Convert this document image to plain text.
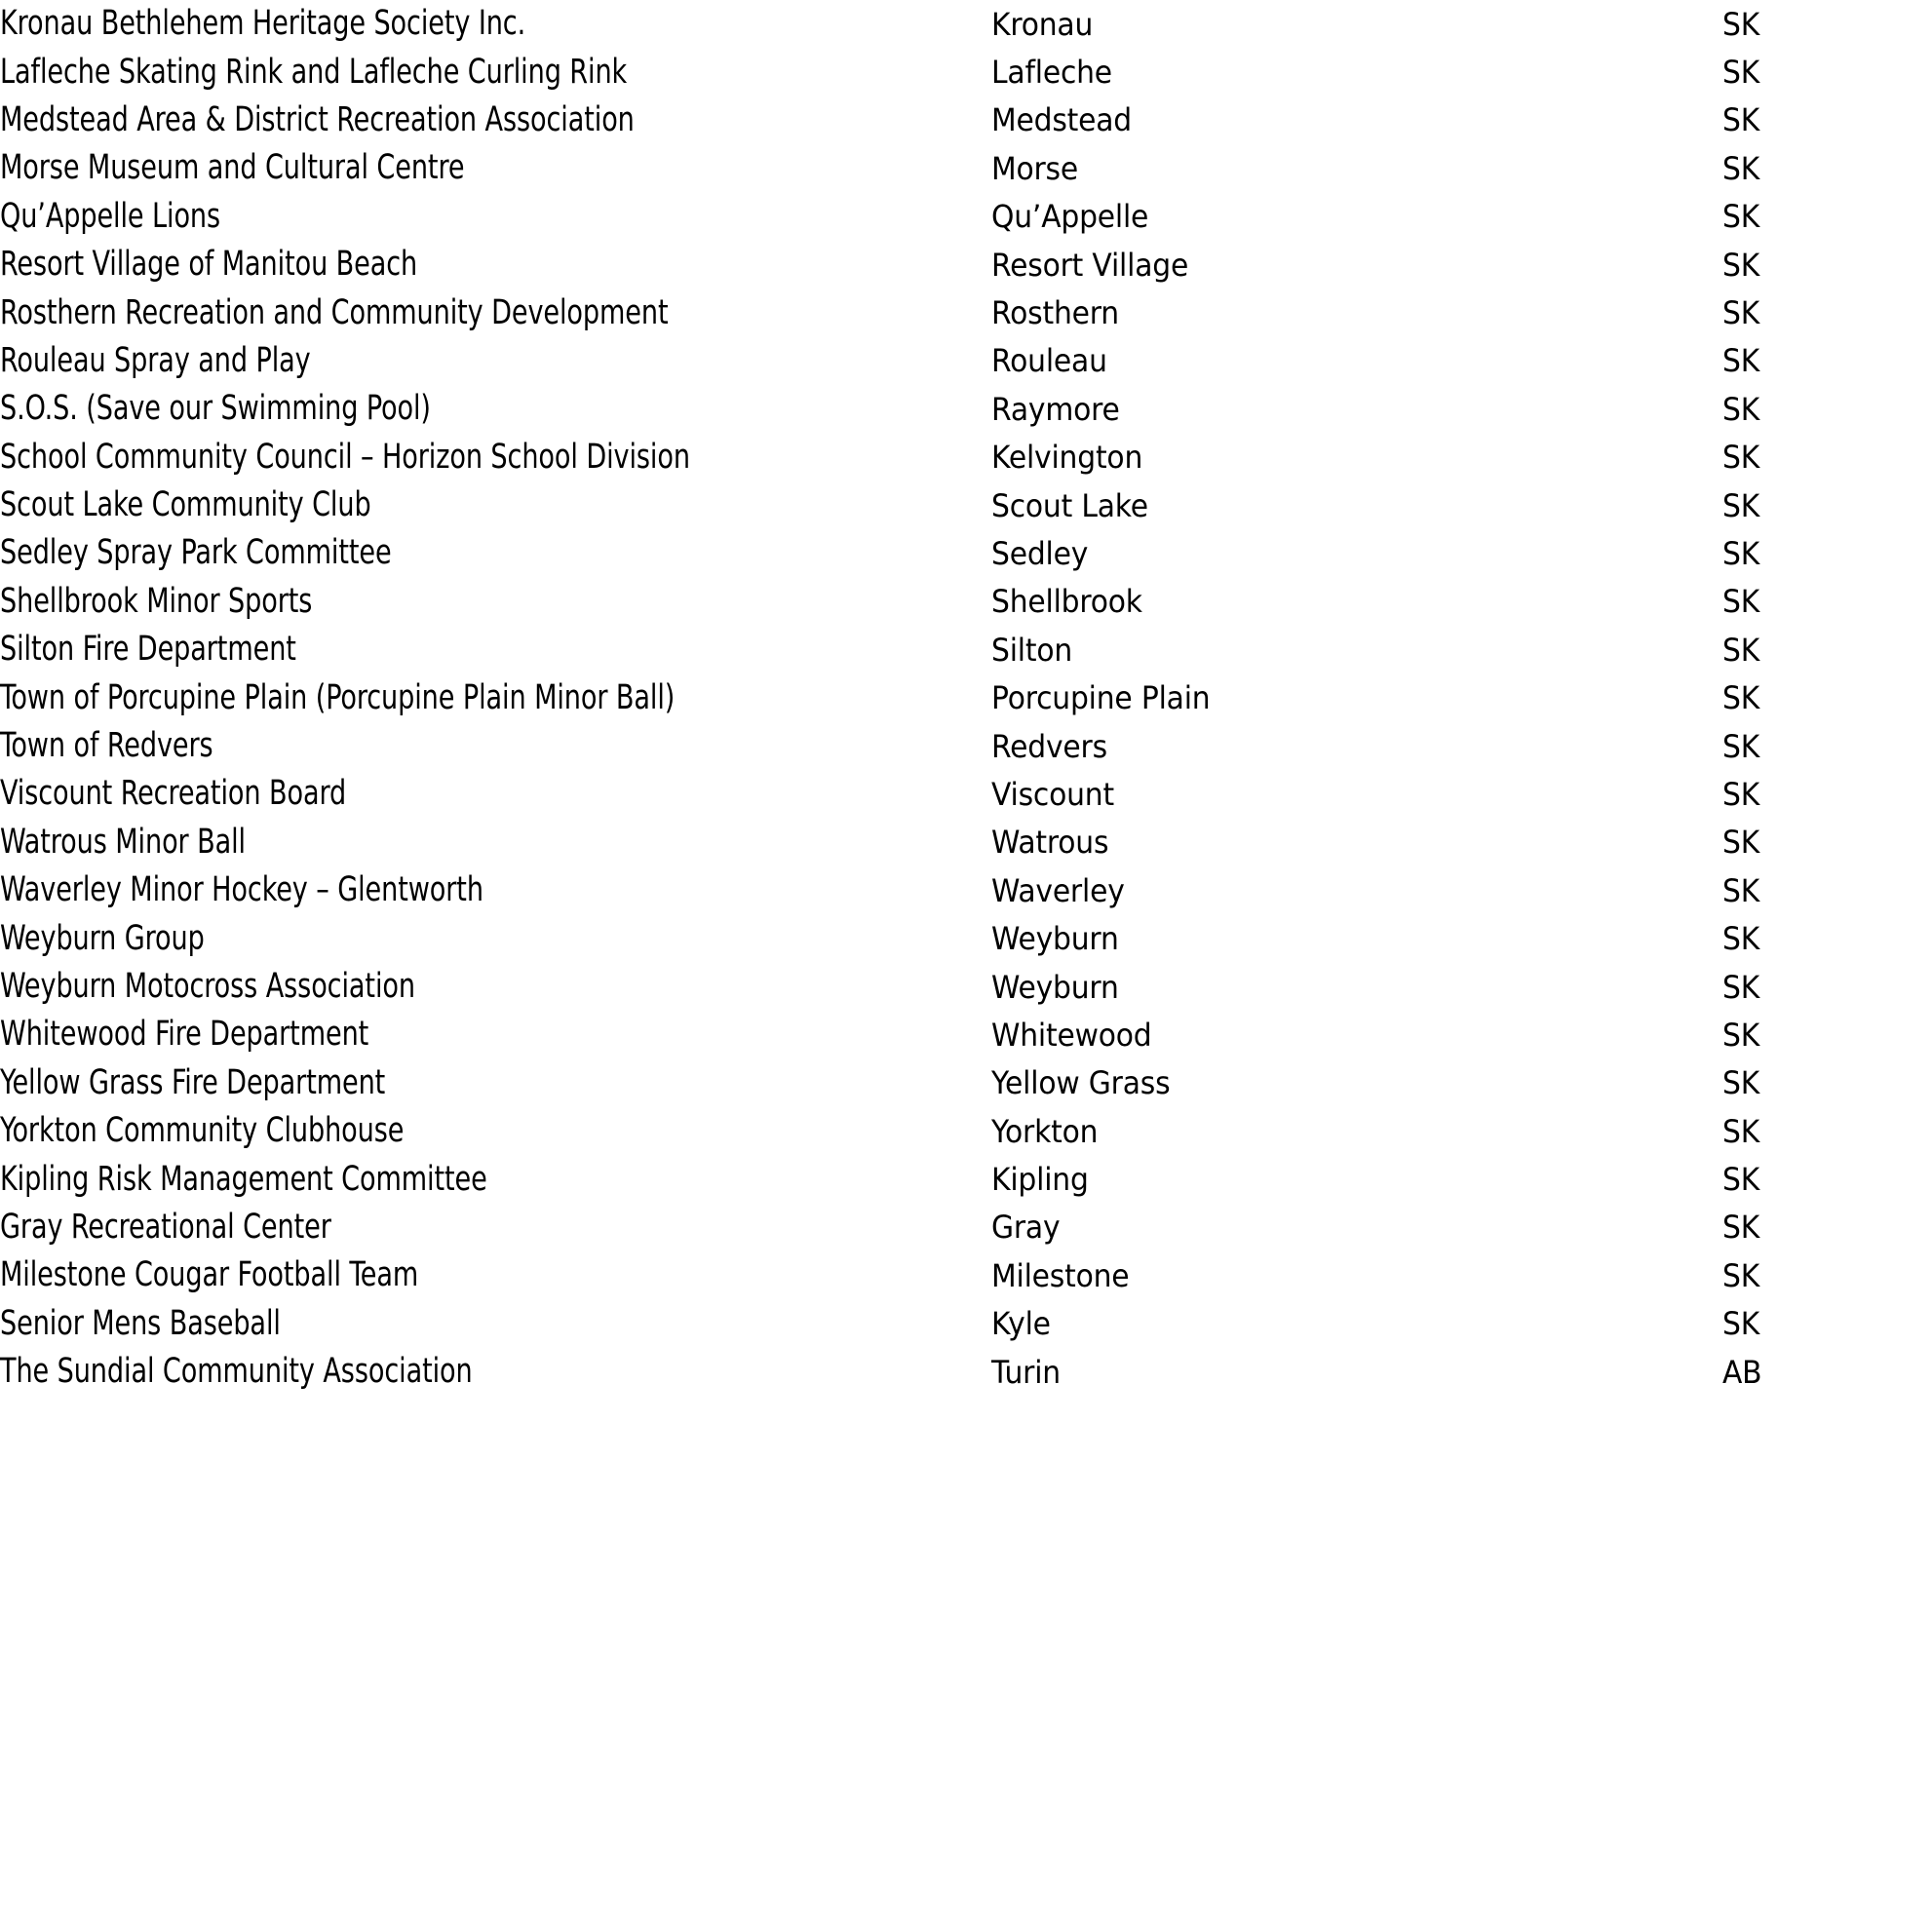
Kronau Bethlehem Heritage Society Inc.	Kronau	SK
Lafleche Skating Rink and Lafleche Curling Rink	Lafleche	SK
Medstead Area & District Recreation Association	Medstead	SK
Morse Museum and Cultural Centre	Morse	SK
Qu’Appelle Lions	Qu’Appelle	SK
Resort Village of Manitou Beach	Resort Village	SK
Rosthern Recreation and Community Development	Rosthern	SK
Rouleau Spray and Play	Rouleau	SK
S.O.S. (Save our Swimming Pool)	Raymore	SK
School Community Council – Horizon School Division	Kelvington	SK
Scout Lake Community Club	Scout Lake	SK
Sedley Spray Park Committee	Sedley	SK
Shellbrook Minor Sports	Shellbrook	SK
Silton Fire Department	Silton	SK
Town of Porcupine Plain (Porcupine Plain Minor Ball)	Porcupine Plain	SK
Town of Redvers	Redvers	SK
Viscount Recreation Board	Viscount	SK
Watrous Minor Ball	Watrous	SK
Waverley Minor Hockey – Glentworth	Waverley	SK
Weyburn Group	Weyburn	SK
Weyburn Motocross Association	Weyburn	SK
Whitewood Fire Department	Whitewood	SK
Yellow Grass Fire Department	Yellow Grass	SK
Yorkton Community Clubhouse	Yorkton	SK
Kipling Risk Management Committee	Kipling	SK
Gray Recreational Center	Gray	SK
Milestone Cougar Football Team	Milestone	SK
Senior Mens Baseball	Kyle	SK
The Sundial Community Association	Turin	AB
